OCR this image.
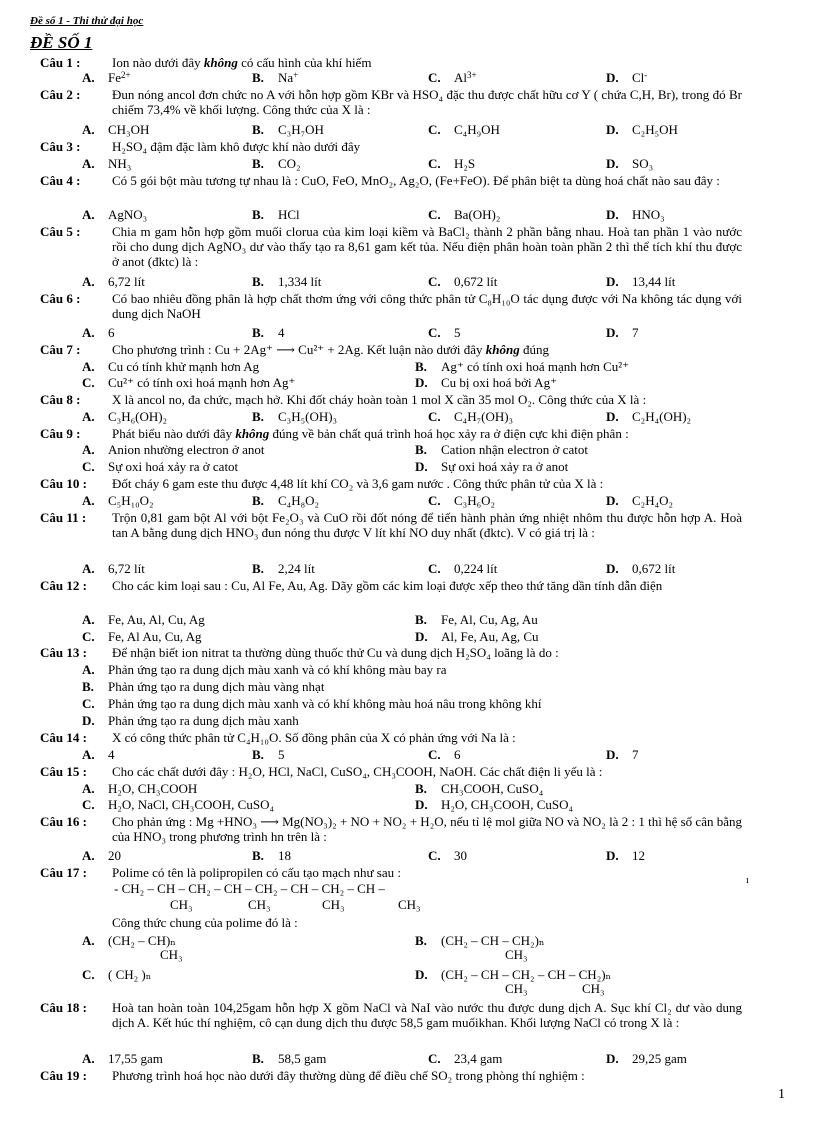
Đề số 1 - Thi thử đại học
ĐỀ SỐ 1
Câu 1 :	Ion nào dưới đây không có cấu hình của khí hiếm
A. $Fe^{2+}$	B. Na+	C. $Al^{3+}$	D. Cl-
Câu 2 :	Đun nóng ancol đơn chức no A với hỗn hợp gồm KBr và HSO₄ đặc thu được chất hữu cơ Y ( chứa C,H, Br), trong đó Br chiếm 73,4% về khối lượng. Công thức của X là :
A. CH₃OH	B. C₃H₇OH	C. C₄H₉OH	D. C₂H₅OH
Câu 3 :	H₂SO₄ đậm đặc làm khô được khí nào dưới đây
A. NH₃	B. CO₂	C. H₂S	D. SO₃
Câu 4 :	Có 5 gói bột màu tương tự nhau là : CuO, FeO, MnO₂, Ag₂O, (Fe+FeO). Để phân biệt ta dùng hoá chất nào sau đây :
A. AgNO₃	B. HCl	C. Ba(OH)₂	D. HNO₃
Câu 5 :	Chia m gam hỗn hợp gồm muối clorua của kim loại kiềm và BaCl₂ thành 2 phần bằng nhau. Hoà tan phần 1 vào nước rồi cho dung dịch AgNO₃ dư vào thấy tạo ra 8,61 gam kết tủa. Nếu điện phân hoàn toàn phần 2 thì thể tích khí thu được ở anot (đktc) là :
A. 6,72 lít	B. 1,334 lít	C. 0,672 lít	D. 13,44 lít
Câu 6 :	Có bao nhiêu đồng phân là hợp chất thơm ứng với công thức phân tử C₈H₁₀O tác dụng được với Na không tác dụng với dung dịch NaOH
A. 6	B. 4	C. 5	D. 7
Câu 7 :	Cho phương trình : Cu + 2Ag⁺ ⟶ Cu²⁺ + 2Ag. Kết luận nào dưới đây không đúng
A. Cu có tính khử mạnh hơn Ag	B. Ag⁺ có tính oxi hoá mạnh hơn Cu²⁺
C. Cu²⁺ có tính oxi hoá mạnh hơn Ag⁺	D. Cu bị oxi hoá bởi Ag⁺
Câu 8 :	X là ancol no, đa chức, mạch hở. Khi đốt cháy hoàn toàn 1 mol X cần 35 mol O₂. Công thức của X là :
A. C₃H₆(OH)₂	B. C₃H₅(OH)₃	C. C₄H₇(OH)₃	D. C₂H₄(OH)₂
Câu 9 :	Phát biểu nào dưới đây không đúng về bản chất quá trình hoá học xảy ra ở điện cực khi điện phân :
A. Anion nhường electron ở anot	B. Cation nhận electron ở catot
C. Sự oxi hoá xảy ra ở catot	D. Sự oxi hoá xảy ra ở anot
Câu 10 :	Đốt cháy 6 gam este thu được 4,48 lít khí CO₂ và 3,6 gam nước . Công thức phân tử của X là :
A. C₅H₁₀O₂	B. C₄H₈O₂	C. C₃H₆O₂	D. C₂H₄O₂
Câu 11 :	Trộn 0,81 gam bột Al với bột Fe₂O₃ và CuO rồi đốt nóng để tiến hành phản ứng nhiệt nhôm thu được hỗn hợp A. Hoà tan A bằng dung dịch HNO₃ đun nóng thu được V lít khí NO duy nhất (đktc). V có giá trị là :
A. 6,72 lít	B. 2,24 lít	C. 0,224 lít	D. 0,672 lít
Câu 12 :	Cho các kim loại sau : Cu, Al Fe, Au, Ag. Dãy gồm các kim loại được xếp theo thứ tăng dần tính dẫn điện
A. Fe, Au, Al, Cu, Ag	B. Fe, Al, Cu, Ag, Au
C. Fe, Al Au, Cu, Ag	D. Al, Fe, Au, Ag, Cu
Câu 13 :	Để nhận biết ion nitrat ta thường dùng thuốc thử Cu và dung dịch H₂SO₄ loãng là do :
A. Phản ứng tạo ra dung dịch màu xanh và có khí không màu bay ra
B. Phản ứng tạo ra dung dịch màu vàng nhạt
C. Phản ứng tạo ra dung dịch màu xanh và có khí không màu hoá nâu trong không khí
D. Phản ứng tạo ra dung dịch màu xanh
Câu 14 :	X có công thức phân tử C₄H₁₀O. Số đồng phân của X có phản ứng với Na là :
A. 4	B. 5	C. 6	D. 7
Câu 15 :	Cho các chất dưới đây : H₂O, HCl, NaCl, CuSO₄, CH₃COOH, NaOH. Các chất điện li yếu là :
A. H₂O, CH₃COOH	B. CH₃COOH, CuSO₄
C. H₂O, NaCl, CH₃COOH, CuSO₄	D. H₂O, CH₃COOH, CuSO₄
Câu 16 :	Cho phản ứng : Mg +HNO₃ ⟶ Mg(NO₃)₂ + NO + NO₂ + H₂O, nếu tỉ lệ mol giữa NO và NO₂ là 2 : 1 thì hệ số cân bằng của HNO₃ trong phương trình hn trên là :
A. 20	B. 18	C. 30	D. 12
Câu 17 :	Polime có tên là polipropilen có cấu tạo mạch như sau :
- CH₂ – CH – CH₂ – CH – CH₂ – CH – CH₂ – CH –
CH₃	CH₃	CH₃	CH₃
Công thức chung của polime đó là :
A. (CH₂ – CH)ₙ	B. (CH₂ – CH – CH₂)ₙ
CH₃	CH₃
C. ( CH₂ )ₙ	D. (CH₂ – CH – CH₂ – CH – CH₂)ₙ
CH₃	CH₃
Câu 18 :	Hoà tan hoàn toàn 104,25gam hỗn hợp X gồm NaCl và NaI vào nước thu được dung dịch A. Sục khí Cl₂ dư vào dung dịch A. Kết húc thí nghiệm, cô cạn dung dịch thu được 58,5 gam muốikhan. Khối lượng NaCl có trong X là :
A. 17,55 gam	B. 58,5 gam	C. 23,4 gam	D. 29,25 gam
Câu 19 :	Phương trình hoá học nào dưới đây thường dùng để điều chế SO₂ trong phòng thí nghiệm :
ı
1
